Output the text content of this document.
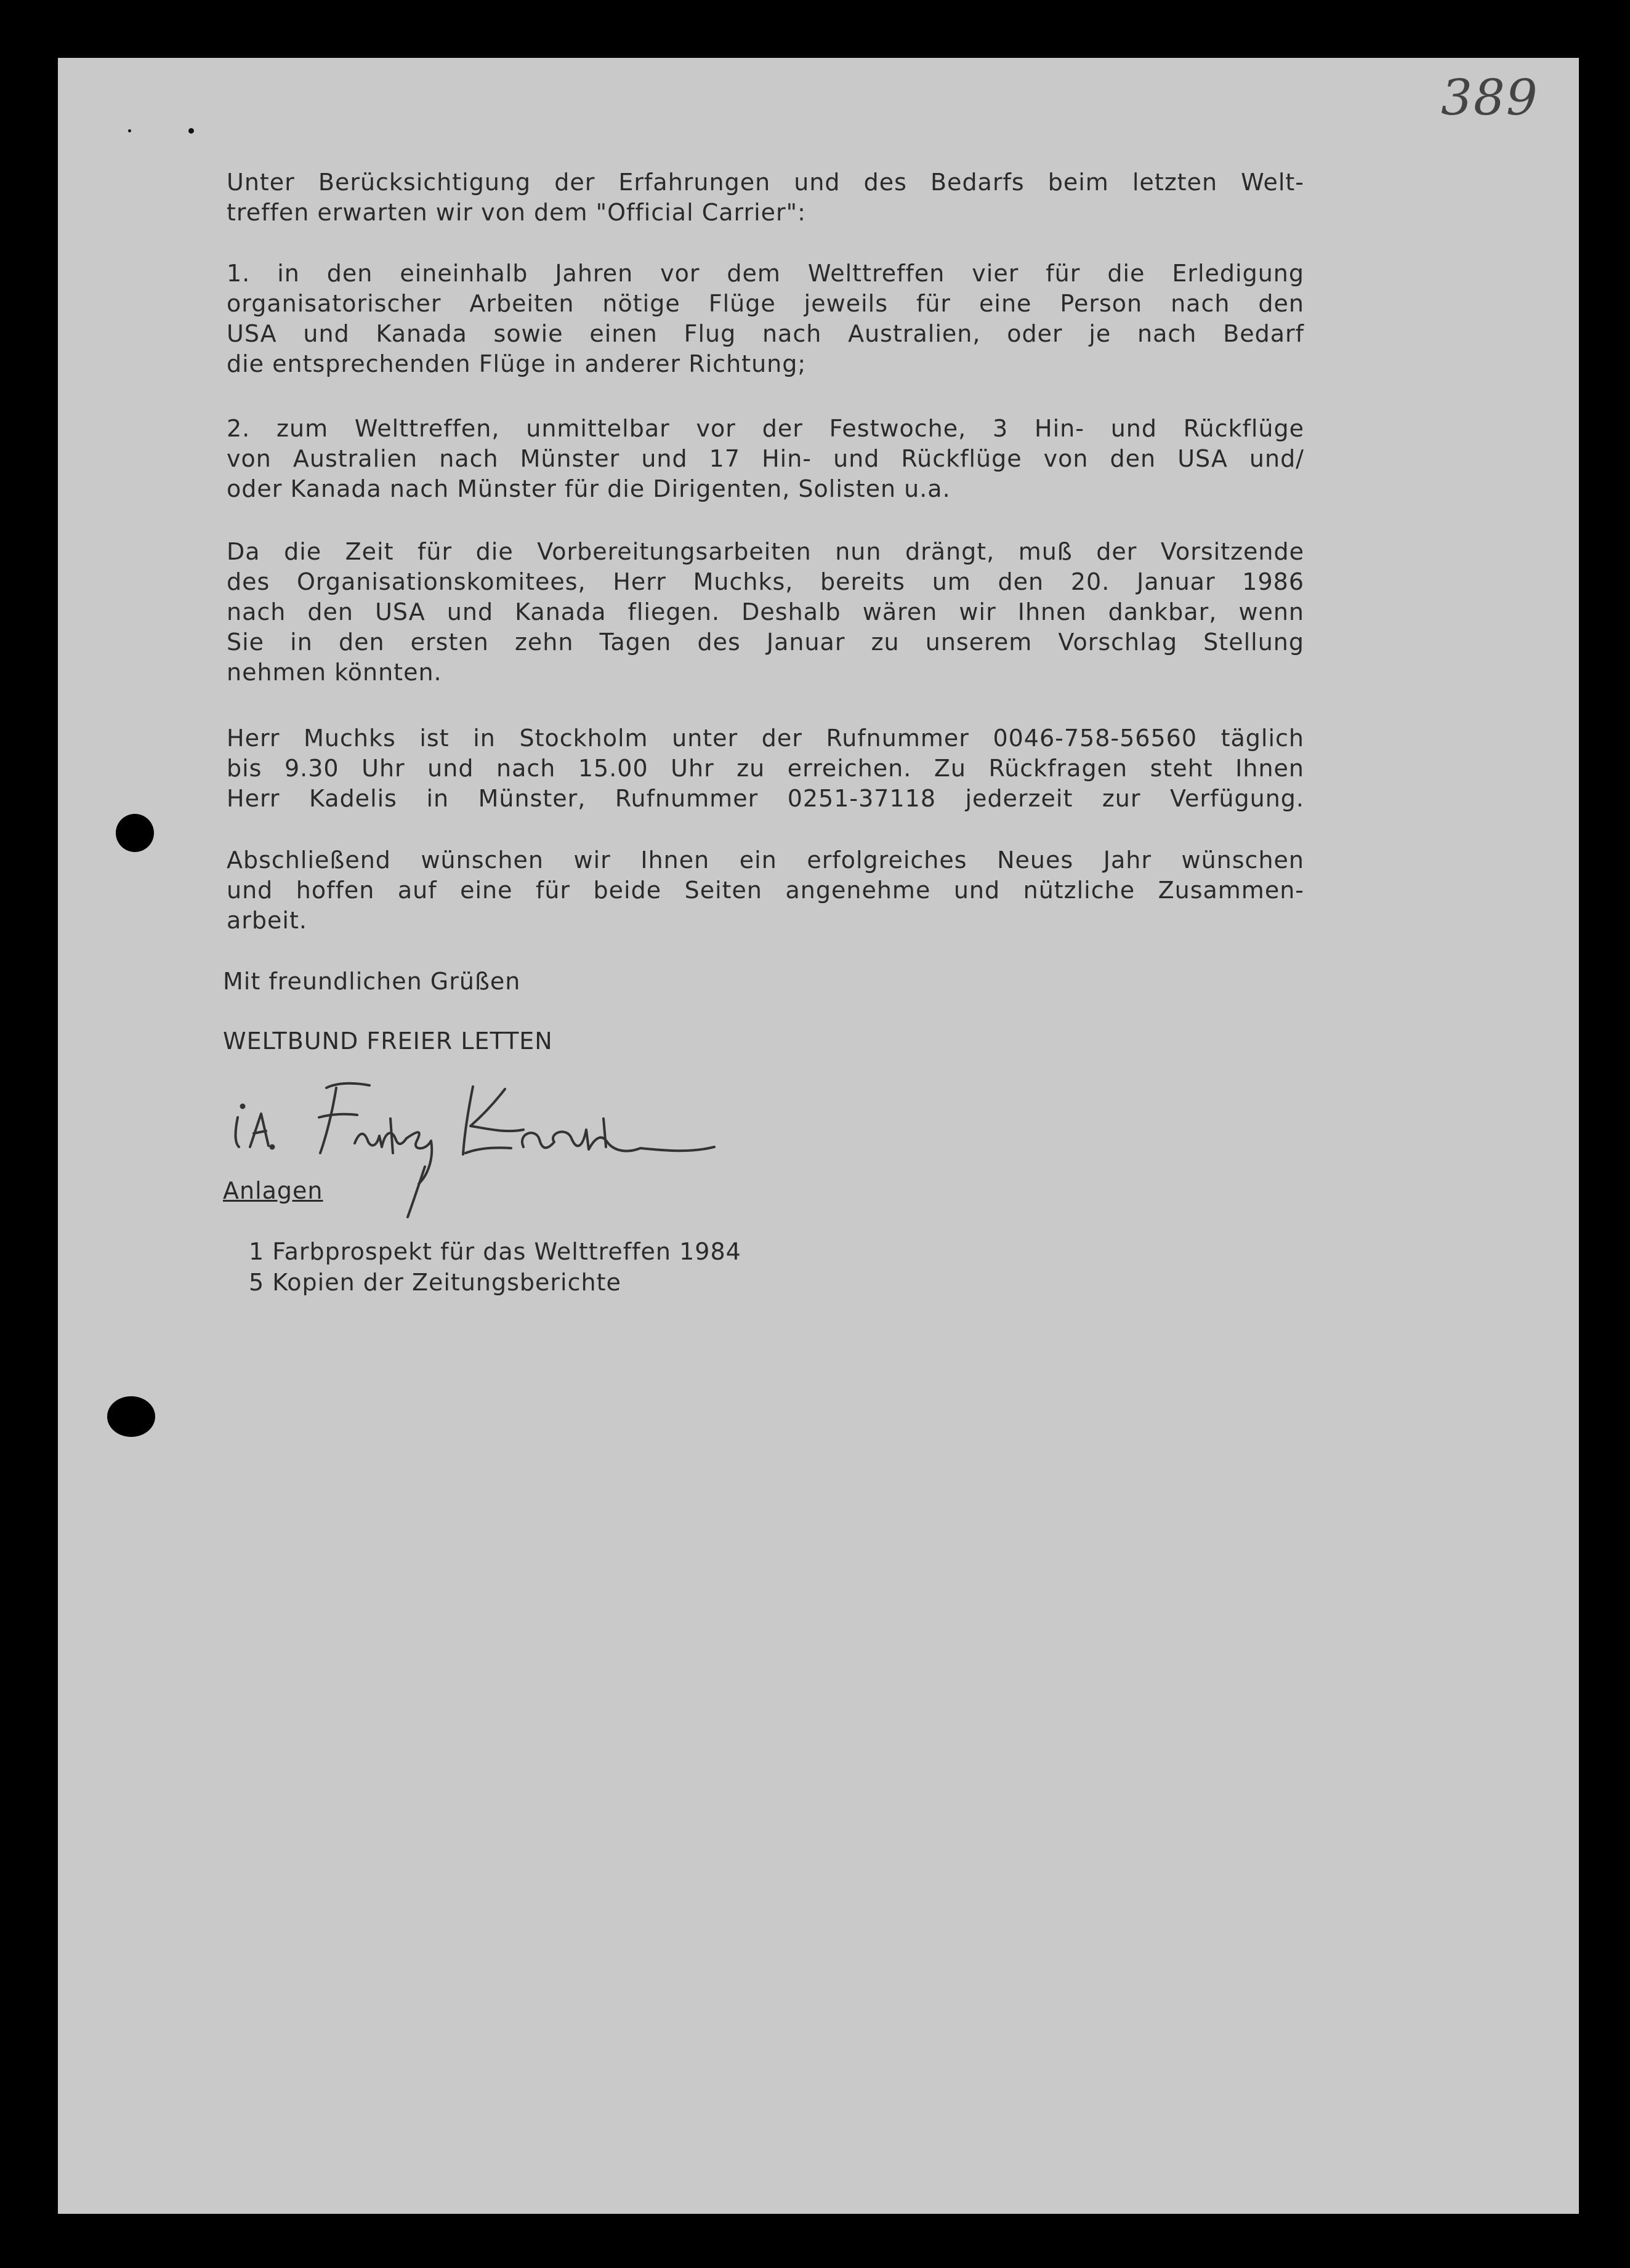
389
Unter Berücksichtigung der Erfahrungen und des Bedarfs beim letzten Welt-
treffen erwarten wir von dem "Official Carrier":
1. in den eineinhalb Jahren vor dem Welttreffen vier für die Erledigung
organisatorischer Arbeiten nötige Flüge jeweils für eine Person nach den
USA und Kanada sowie einen Flug nach Australien, oder je nach Bedarf
die entsprechenden Flüge in anderer Richtung;
2. zum Welttreffen, unmittelbar vor der Festwoche, 3 Hin- und Rückflüge
von Australien nach Münster und 17 Hin- und Rückflüge von den USA und/
oder Kanada nach Münster für die Dirigenten, Solisten u.a.
Da die Zeit für die Vorbereitungsarbeiten nun drängt, muß der Vorsitzende
des Organisationskomitees, Herr Muchks, bereits um den 20. Januar 1986
nach den USA und Kanada fliegen. Deshalb wären wir Ihnen dankbar, wenn
Sie in den ersten zehn Tagen des Januar zu unserem Vorschlag Stellung
nehmen könnten.
Herr Muchks ist in Stockholm unter der Rufnummer 0046-758-56560 täglich
bis 9.30 Uhr und nach 15.00 Uhr zu erreichen. Zu Rückfragen steht Ihnen
Herr Kadelis in Münster, Rufnummer 0251-37118 jederzeit zur Verfügung.
Abschließend wünschen wir Ihnen ein erfolgreiches Neues Jahr wünschen
und hoffen auf eine für beide Seiten angenehme und nützliche Zusammen-
arbeit.
Mit freundlichen Grüßen
WELTBUND FREIER LETTEN
Anlagen
1 Farbprospekt für das Welttreffen 1984
5 Kopien der Zeitungsberichte
